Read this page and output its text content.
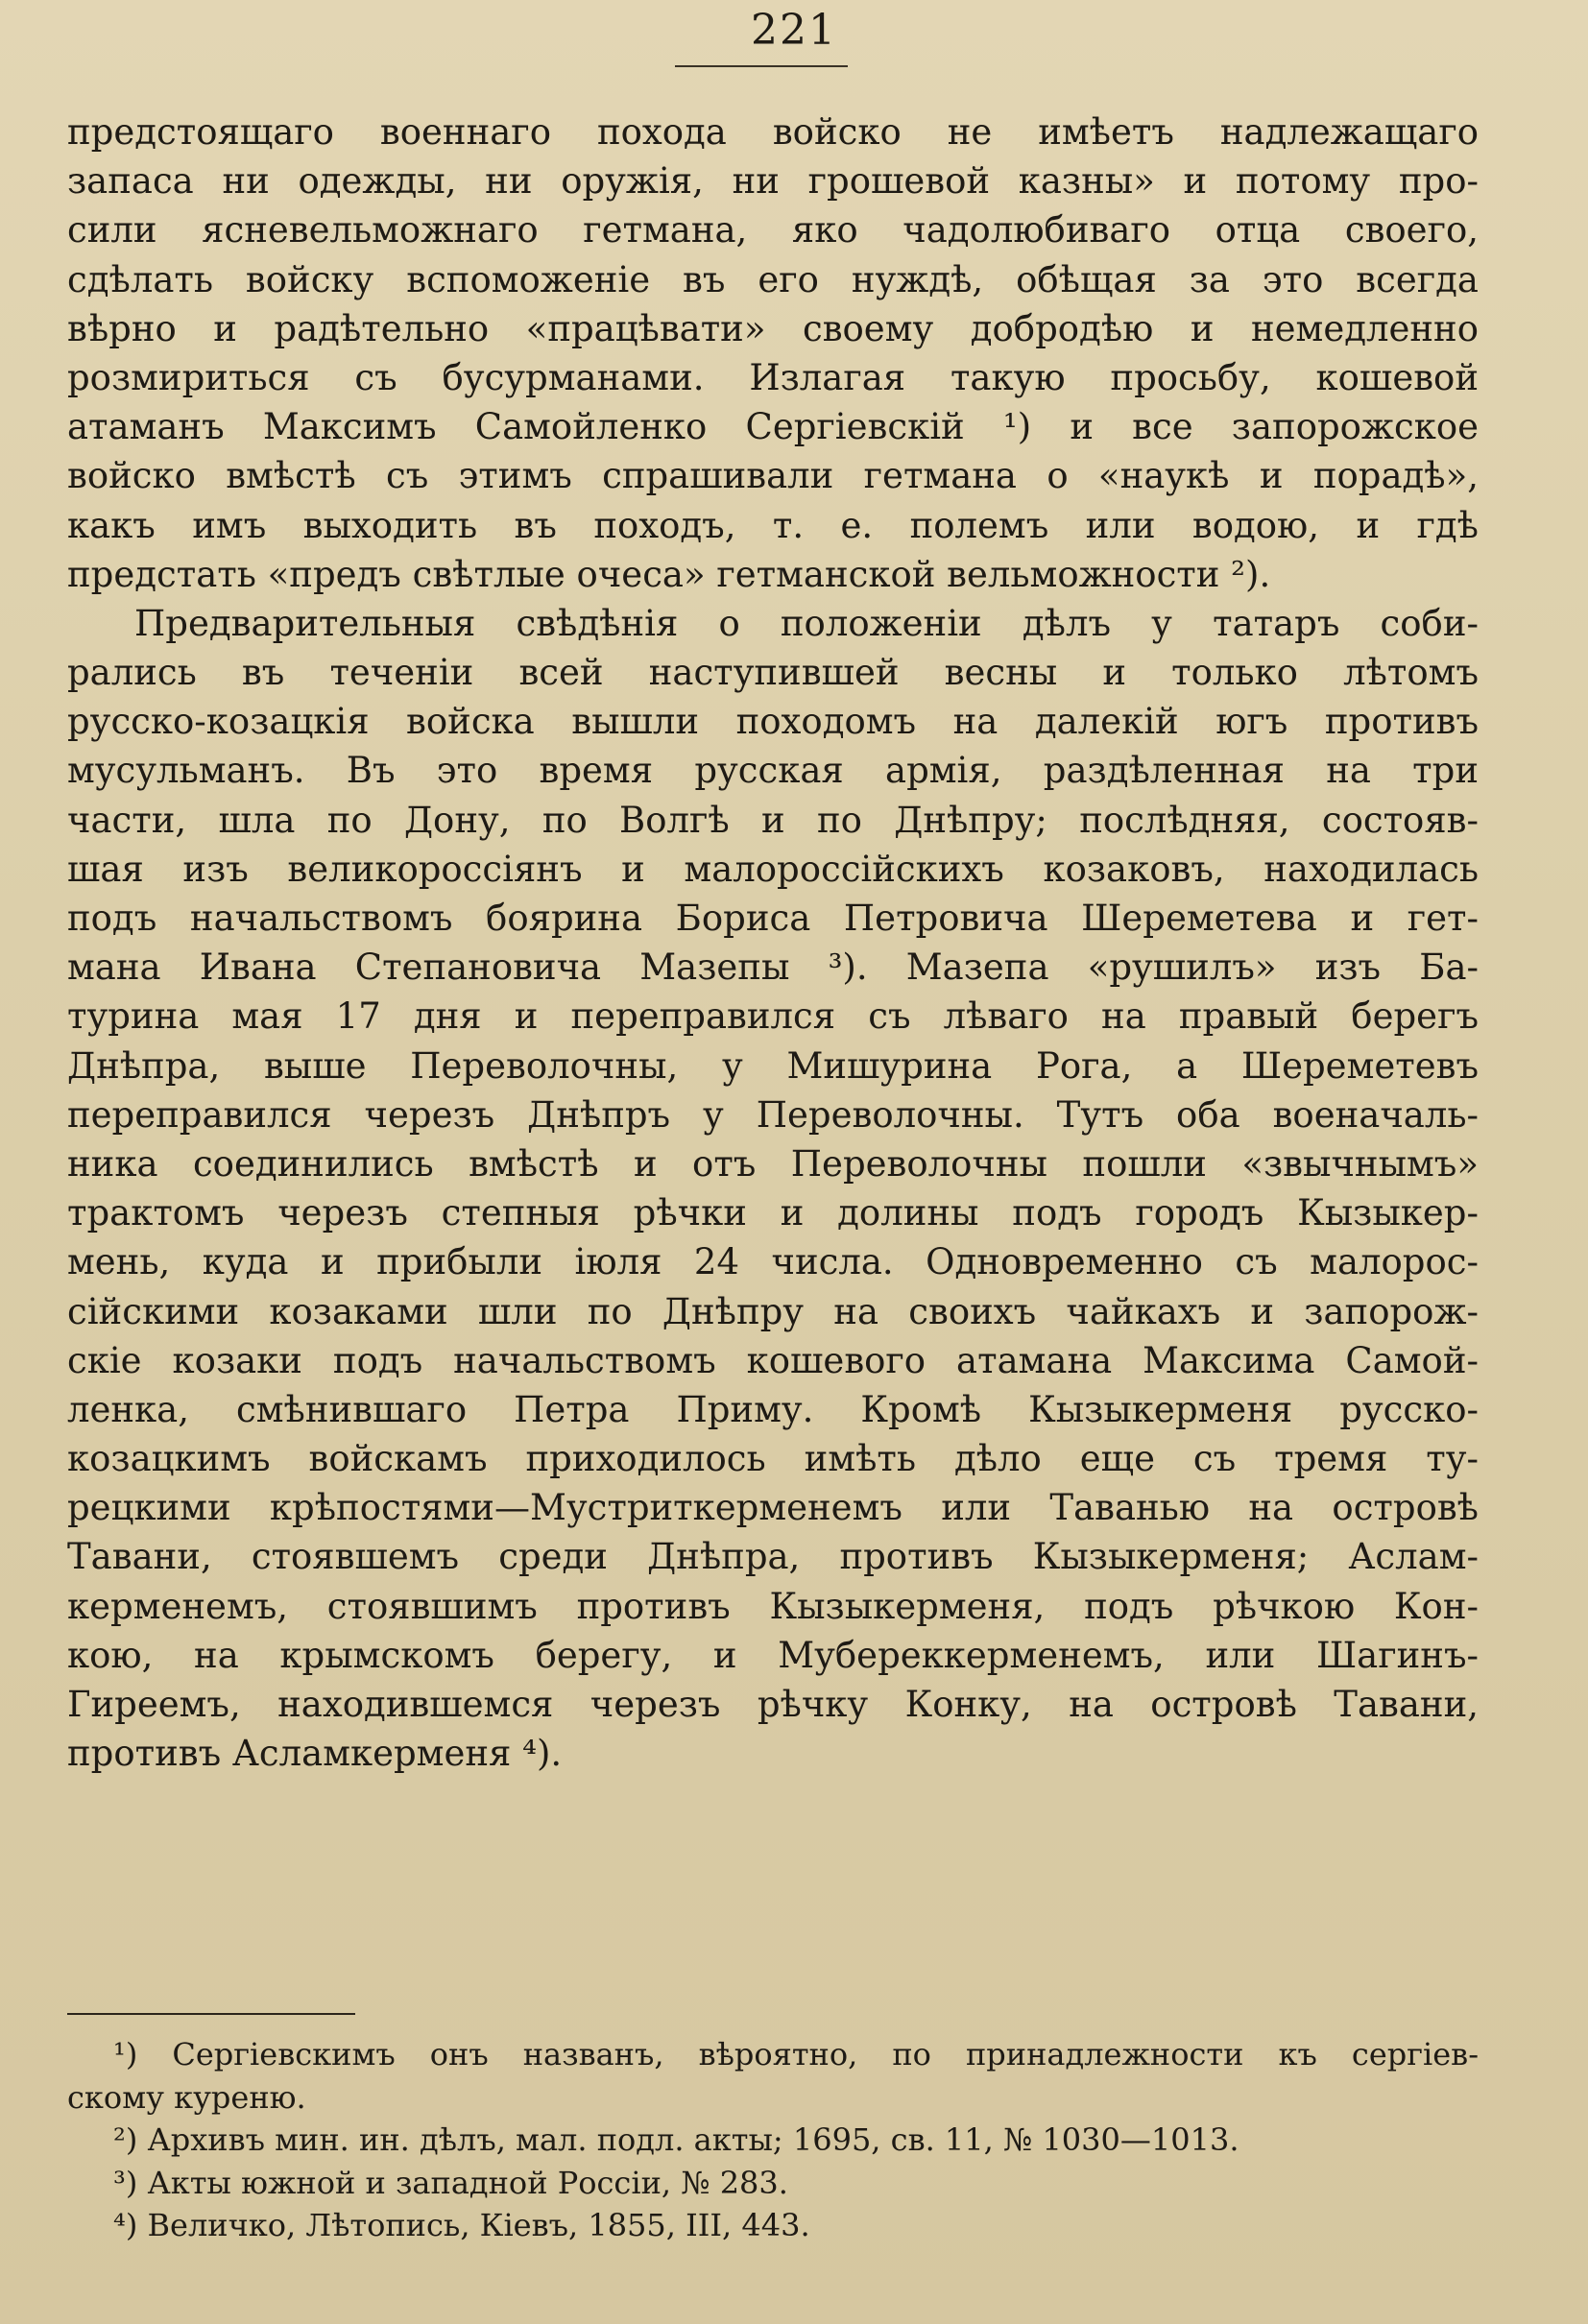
221
предстоящаго военнаго похода войско не имѣетъ надлежащаго
запаса ни одежды, ни оружія, ни грошевой казны» и потому про-
сили ясневельможнаго гетмана, яко чадолюбиваго отца своего,
сдѣлать войску вспоможеніе въ его нуждѣ, обѣщая за это всегда
вѣрно и радѣтельно «працѣвати» своему добродѣю и немедленно
розмириться съ бусурманами. Излагая такую просьбу, кошевой
атаманъ Максимъ Самойленко Сергіевскій ¹) и все запорожское
войско вмѣстѣ съ этимъ спрашивали гетмана о «наукѣ и порадѣ»,
какъ имъ выходить въ походъ, т. е. полемъ или водою, и гдѣ
предстать «предъ свѣтлые очеса» гетманской вельможности ²).
Предварительныя свѣдѣнія о положеніи дѣлъ у татаръ соби-
рались въ теченіи всей наступившей весны и только лѣтомъ
русско-козацкія войска вышли походомъ на далекій югъ противъ
мусульманъ. Въ это время русская армія, раздѣленная на три
части, шла по Дону, по Волгѣ и по Днѣпру; послѣдняя, состояв-
шая изъ великороссіянъ и малороссійскихъ козаковъ, находилась
подъ начальствомъ боярина Бориса Петровича Шереметева и гет-
мана Ивана Степановича Мазепы ³). Мазепа «рушилъ» изъ Ба-
турина мая 17 дня и переправился съ лѣваго на правый берегъ
Днѣпра, выше Переволочны, у Мишурина Рога, а Шереметевъ
переправился черезъ Днѣпръ у Переволочны. Тутъ оба военачаль-
ника соединились вмѣстѣ и отъ Переволочны пошли «звычнымъ»
трактомъ черезъ степныя рѣчки и долины подъ городъ Кызыкер-
мень, куда и прибыли іюля 24 числа. Одновременно съ малорос-
сійскими козаками шли по Днѣпру на своихъ чайкахъ и запорож-
скіе козаки подъ начальствомъ кошевого атамана Максима Самой-
ленка, смѣнившаго Петра Приму. Кромѣ Кызыкерменя русско-
козацкимъ войскамъ приходилось имѣть дѣло еще съ тремя ту-
рецкими крѣпостями—Мустриткерменемъ или Таванью на островѣ
Тавани, стоявшемъ среди Днѣпра, противъ Кызыкерменя; Аслам-
керменемъ, стоявшимъ противъ Кызыкерменя, подъ рѣчкою Кон-
кою, на крымскомъ берегу, и Мубереккерменемъ, или Шагинъ-
Гиреемъ, находившемся черезъ рѣчку Конку, на островѣ Тавани,
противъ Асламкерменя ⁴).
¹) Сергіевскимъ онъ названъ, вѣроятно, по принадлежности къ сергіев-
скому куреню.
²) Архивъ мин. ин. дѣлъ, мал. подл. акты; 1695, св. 11, № 1030—1013.
³) Акты южной и западной Россіи, № 283.
⁴) Величко, Лѣтопись, Кіевъ, 1855, III, 443.
